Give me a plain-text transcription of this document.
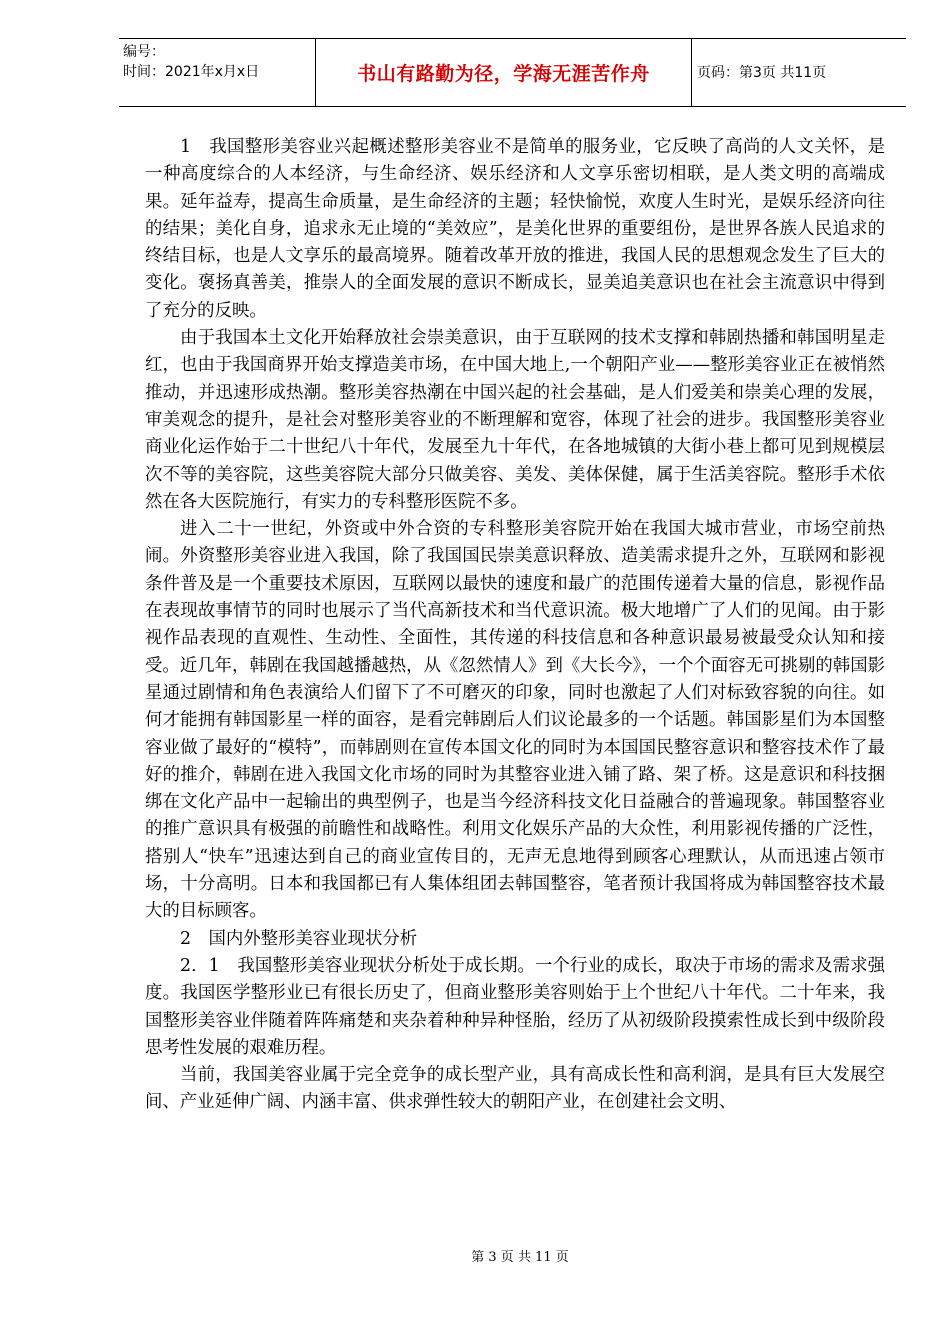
编号：
时间：2021年x月x日	书山有路勤为径，学海无涯苦作舟	页码：第3页 共11页

1　我国整形美容业兴起概述整形美容业不是简单的服务业，它反映了高尚的人文关怀，是一种高度综合的人本经济，与生命经济、娱乐经济和人文享乐密切相联，是人类文明的高端成果。延年益寿，提高生命质量，是生命经济的主题；轻快愉悦，欢度人生时光，是娱乐经济向往的结果；美化自身，追求永无止境的“美效应”，是美化世界的重要组份，是世界各族人民追求的终结目标，也是人文享乐的最高境界。随着改革开放的推进，我国人民的思想观念发生了巨大的变化。褒扬真善美，推崇人的全面发展的意识不断成长，显美追美意识也在社会主流意识中得到了充分的反映。

由于我国本土文化开始释放社会崇美意识，由于互联网的技术支撑和韩剧热播和韩国明星走红，也由于我国商界开始支撑造美市场，在中国大地上,一个朝阳产业——整形美容业正在被悄然推动，并迅速形成热潮。整形美容热潮在中国兴起的社会基础，是人们爱美和崇美心理的发展，审美观念的提升，是社会对整形美容业的不断理解和宽容，体现了社会的进步。我国整形美容业商业化运作始于二十世纪八十年代，发展至九十年代，在各地城镇的大街小巷上都可见到规模层次不等的美容院，这些美容院大部分只做美容、美发、美体保健，属于生活美容院。整形手术依然在各大医院施行，有实力的专科整形医院不多。

进入二十一世纪，外资或中外合资的专科整形美容院开始在我国大城市营业，市场空前热闹。外资整形美容业进入我国，除了我国国民崇美意识释放、造美需求提升之外，互联网和影视条件普及是一个重要技术原因，互联网以最快的速度和最广的范围传递着大量的信息，影视作品在表现故事情节的同时也展示了当代高新技术和当代意识流。极大地增广了人们的见闻。由于影视作品表现的直观性、生动性、全面性，其传递的科技信息和各种意识最易被最受众认知和接受。近几年，韩剧在我国越播越热，从《忽然情人》到《大长今》，一个个面容无可挑剔的韩国影星通过剧情和角色表演给人们留下了不可磨灭的印象，同时也激起了人们对标致容貌的向往。如何才能拥有韩国影星一样的面容，是看完韩剧后人们议论最多的一个话题。韩国影星们为本国整容业做了最好的“模特”，而韩剧则在宣传本国文化的同时为本国国民整容意识和整容技术作了最好的推介，韩剧在进入我国文化市场的同时为其整容业进入铺了路、架了桥。这是意识和科技捆绑在文化产品中一起输出的典型例子，也是当今经济科技文化日益融合的普遍现象。韩国整容业的推广意识具有极强的前瞻性和战略性。利用文化娱乐产品的大众性，利用影视传播的广泛性，搭别人“快车”迅速达到自己的商业宣传目的，无声无息地得到顾客心理默认，从而迅速占领市场，十分高明。日本和我国都已有人集体组团去韩国整容，笔者预计我国将成为韩国整容技术最大的目标顾客。

2　国内外整形美容业现状分析

2．1　我国整形美容业现状分析处于成长期。一个行业的成长，取决于市场的需求及需求强度。我国医学整形业已有很长历史了，但商业整形美容则始于上个世纪八十年代。二十年来，我国整形美容业伴随着阵阵痛楚和夹杂着种种异种怪胎，经历了从初级阶段摸索性成长到中级阶段思考性发展的艰难历程。

当前，我国美容业属于完全竞争的成长型产业，具有高成长性和高利润，是具有巨大发展空间、产业延伸广阔、内涵丰富、供求弹性较大的朝阳产业，在创建社会文明、

第 3 页 共 11 页
